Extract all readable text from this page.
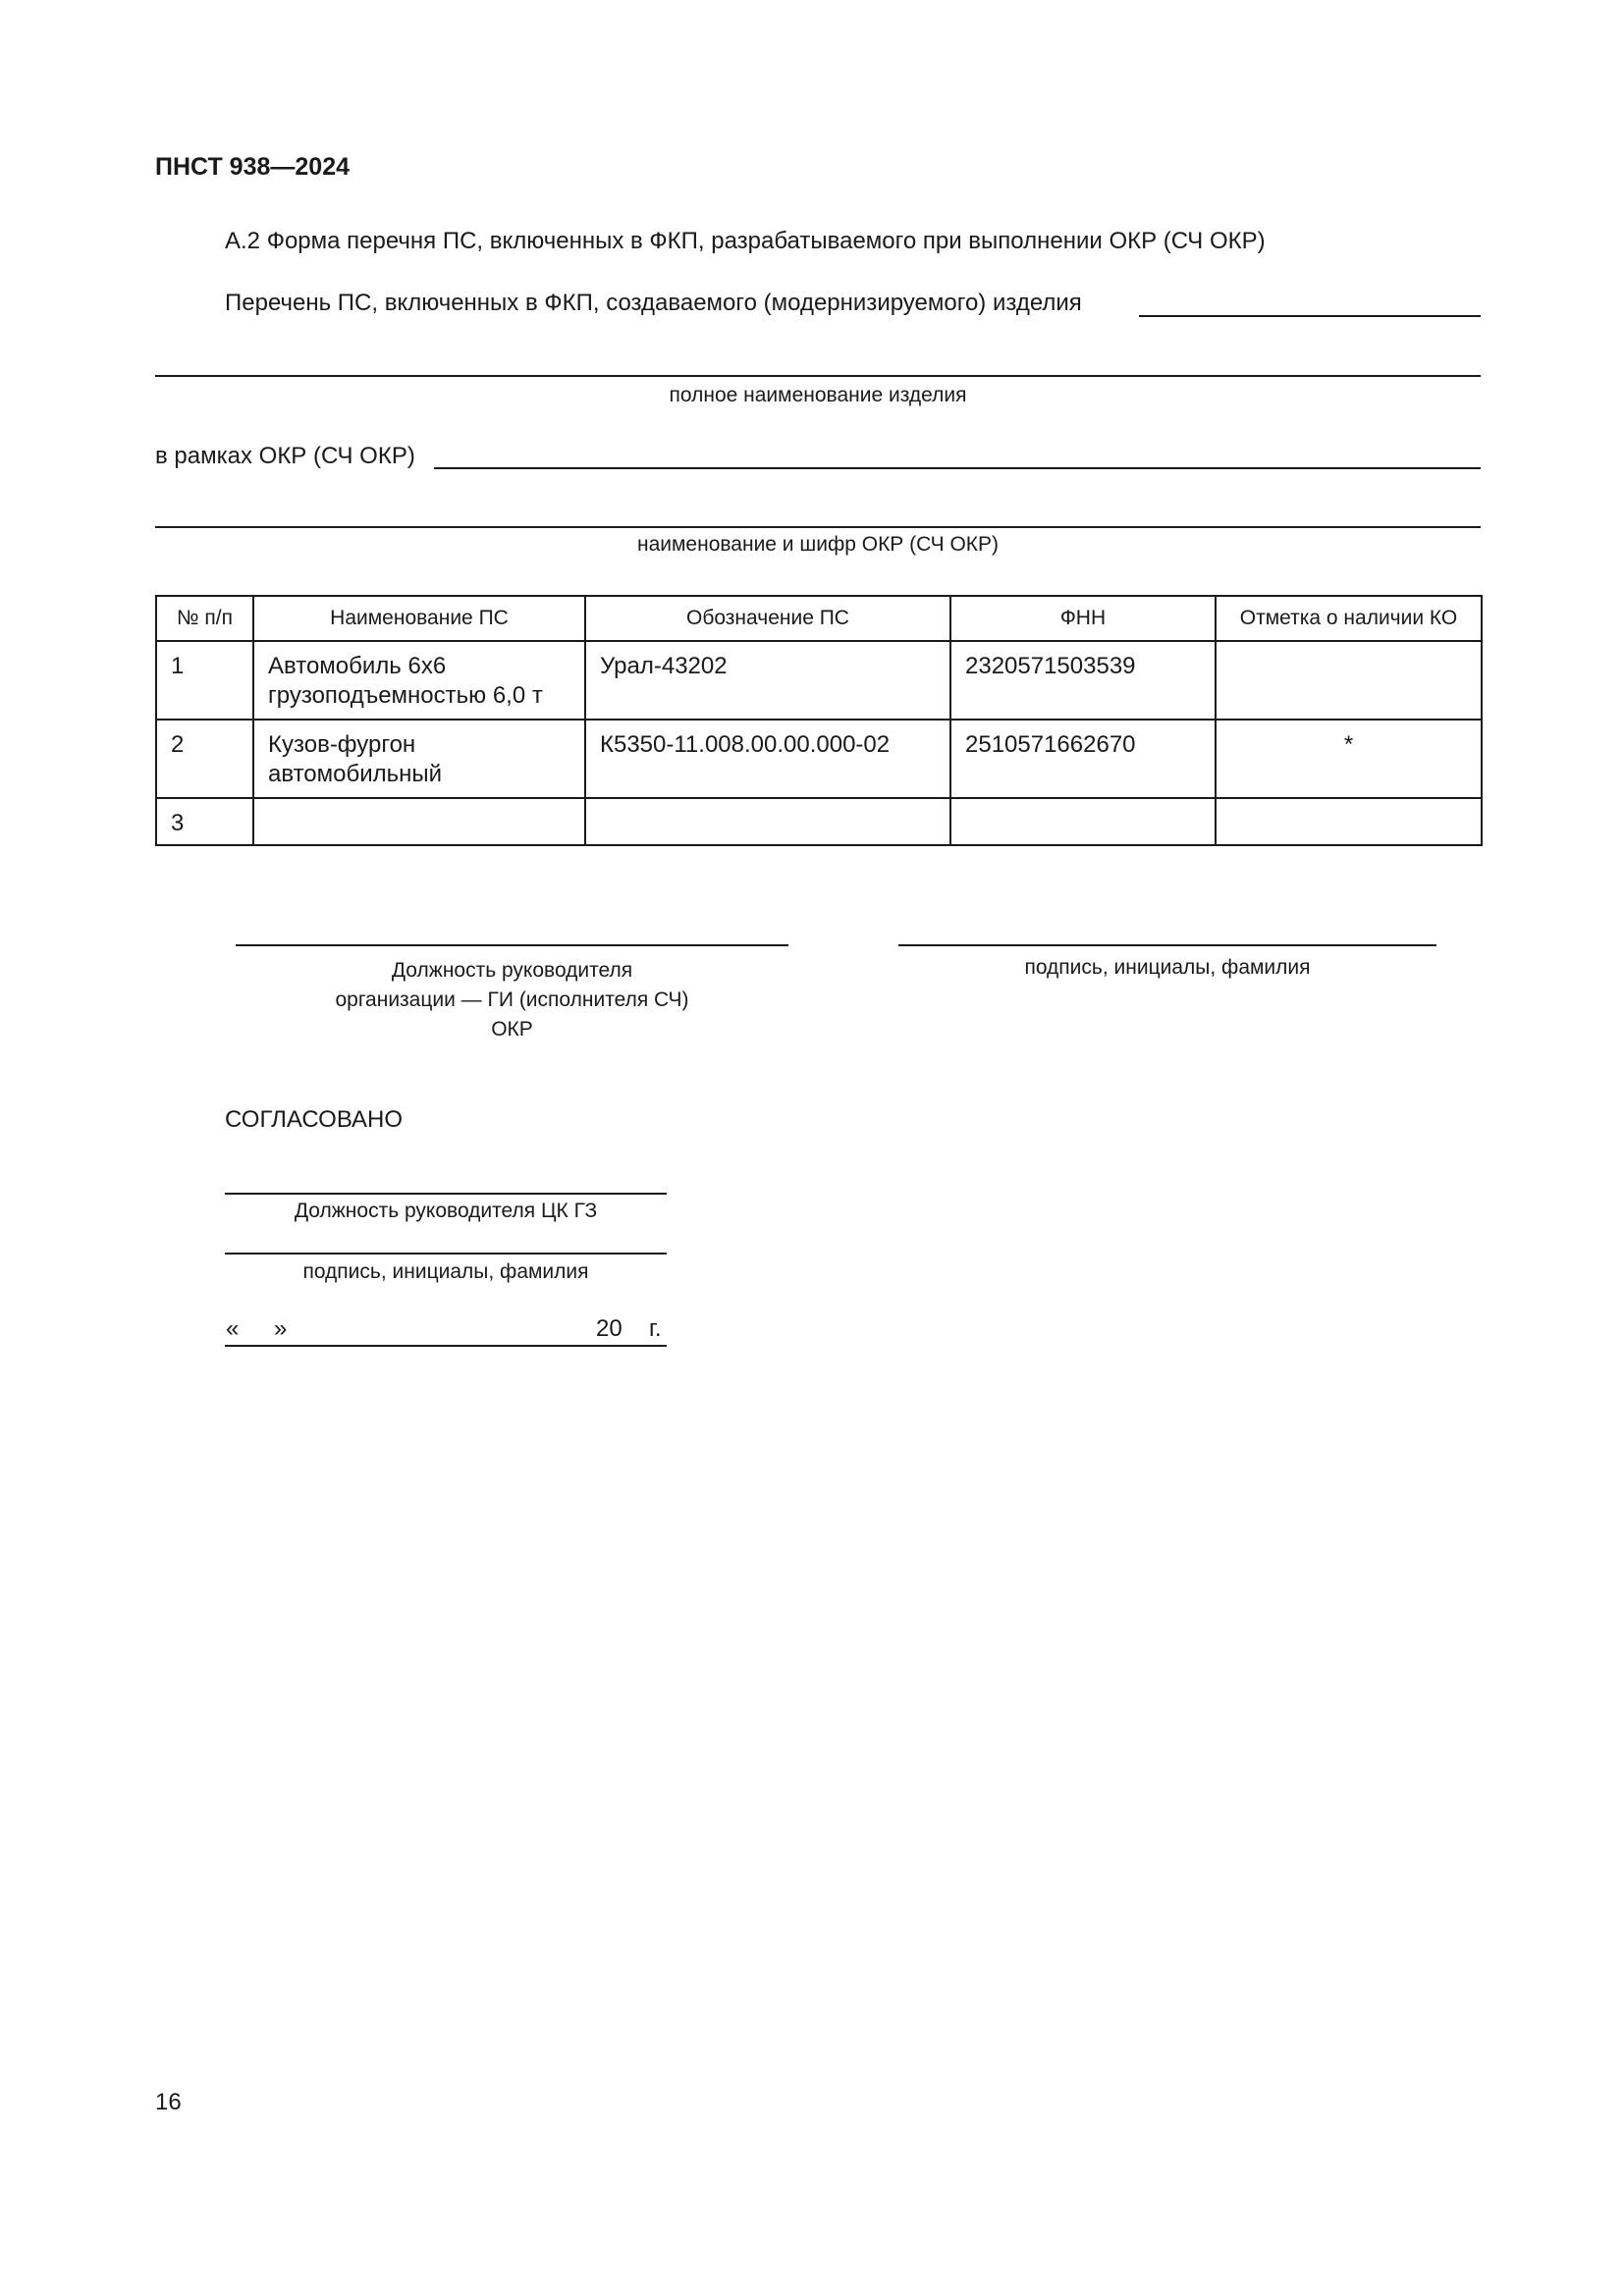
ПНСТ 938—2024
А.2 Форма перечня ПС, включенных в ФКП, разрабатываемого при выполнении ОКР (СЧ ОКР)
Перечень ПС, включенных в ФКП, создаваемого (модернизируемого) изделия
полное наименование изделия
в рамках ОКР (СЧ ОКР)
наименование и шифр ОКР (СЧ ОКР)
№ п/п	Наименование ПС	Обозначение ПС	ФНН	Отметка о наличии КО
1	Автомобиль 6х6 грузоподъемностью 6,0 т	Урал-43202	2320571503539	
2	Кузов-фургон автомобильный	К5350-11.008.00.00.000-02	2510571662670	*
3				
Должность руководителя
организации — ГИ (исполнителя СЧ)
ОКР
подпись, инициалы, фамилия
СОГЛАСОВАНО
Должность руководителя ЦК ГЗ
подпись, инициалы, фамилия
« »	20 г.
16
